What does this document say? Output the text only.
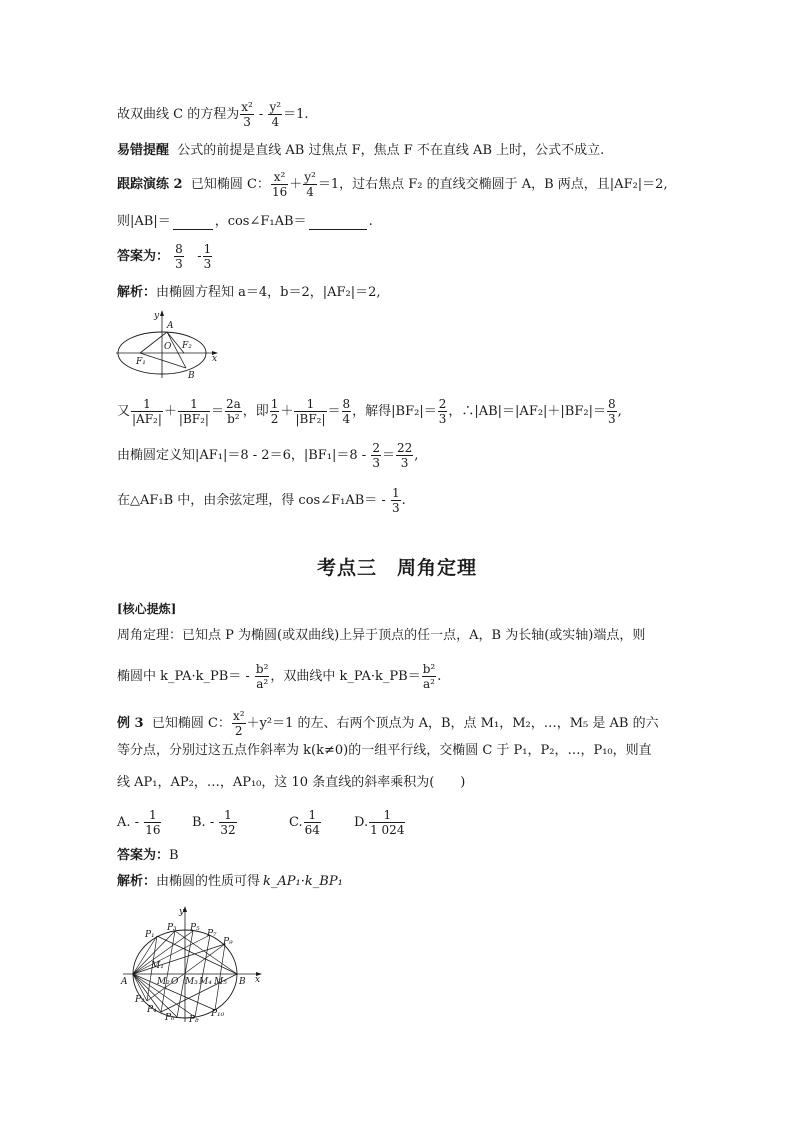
故双曲线 C 的方程为 $\frac{\text{x²}}{3} - \frac{\text{y²}}{4} =1$.
易错提醒 公式的前提是直线 AB 过焦点 F，焦点 F 不在直线 AB 上时，公式不成立.
跟踪演练 2 已知椭圆 C： $\frac{\text{x²}}{16} + \frac{\text{y²}}{4} =1$，过右焦点 F₂ 的直线交椭圆于 A，B 两点，且|AF₂|＝2,
则|AB|＝	，cos∠F₁AB＝	.
答案为： $\frac{8}{3} - \frac{1}{3}$
解析：由椭圆方程知 a＝4，b＝2，|AF₂|＝2,
y
A
O F₂
F₁	x
B
又 $\frac{1}{\text{|AF₂|}} + \frac{1}{\text{|BF₂|}} = \frac{2a}{\text{b²}}$ ，即 $\frac{1}{2} + \frac{1}{\text{|BF₂|}} = \frac{8}{4}$ ，解得$|BF_2|= \frac{2}{3}$ ，∴|AB|＝|AF₂|＋|BF₂|＝ $\frac{8}{3}$ ,
由椭圆定义知|AF₁|＝8 - 2＝6，$|BF_1|=8 - \frac{2}{3} = \frac{22}{3}$ ,
在△AF₁B 中，由余弦定理，得 cos∠F₁AB＝ - $\frac{1}{3}$ .
考点三　周角定理
[核心提炼]
周角定理：已知点 P 为椭圆(或双曲线)上异于顶点的任一点，A，B 为长轴(或实轴)端点，则
椭圆中 k_PA·k_PB＝ - $\frac{\text{b²}}{\text{a²}}$ ，双曲线中 k_PA·k_PB＝ $\frac{\text{b²}}{\text{a²}}$ .
例 3 已知椭圆 C： $\frac{\text{x²}}{2} +y^2=1$ 的左、右两个顶点为 A，B，点 M₁，M₂，…，M₅ 是 AB 的六
等分点，分别过这五点作斜率为 k(k≠0)的一组平行线，交椭圆 C 于 P₁，P₂，…，P₁₀，则直
线 AP₁，AP₂，…，AP₁₀，这 10 条直线的斜率乘积为(　　)
A. - $\frac{1}{16} B$. - $\frac{1}{32}$	C. $\frac{1}{64}$	D. $\frac{1}{1 024}$
答案为：B
解析：由椭圆的性质可得 k_AP₁·k_BP₁
y
A	B
O	x
P₁
P₃ P₅
P₇
P₉
P₂
P₄
P₆ P₈
P₁₀
M₁
M₂ M₃ M₄ M₅
